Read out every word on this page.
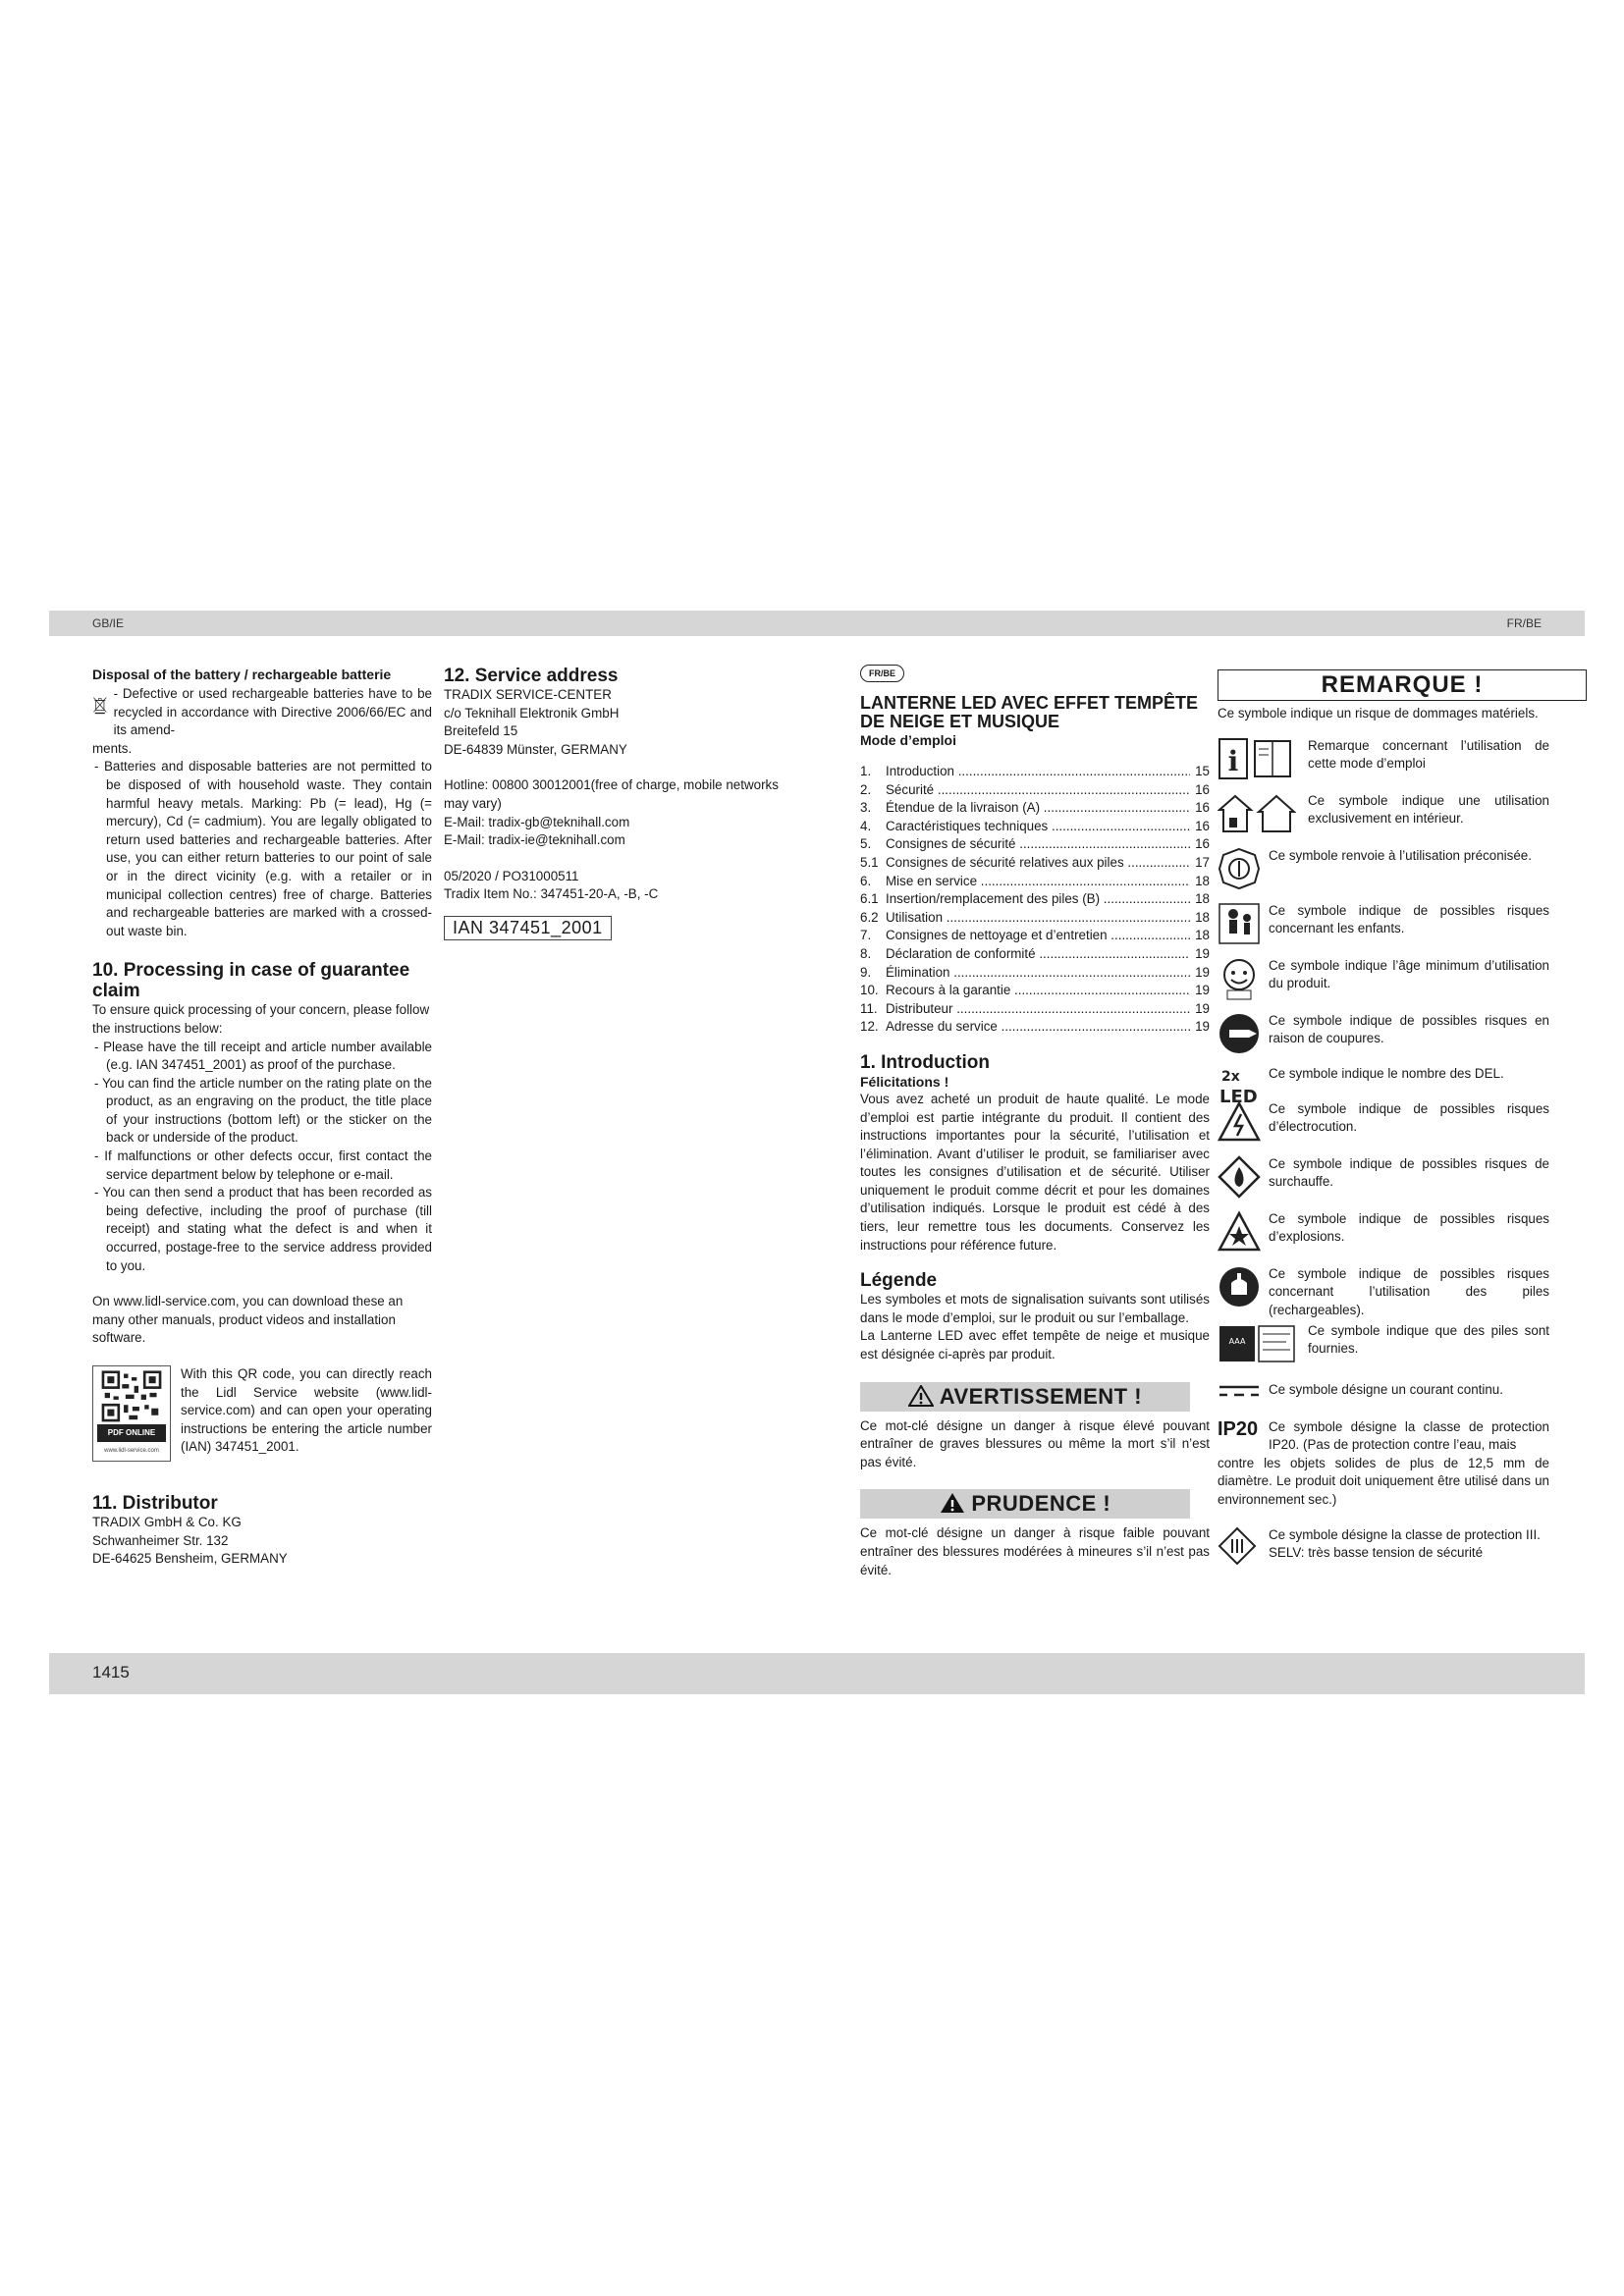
GB/IE	FR/BE
1415

Disposal of the battery / rechargeable batterie

- Defective or used rechargeable batteries have to be recycled in accordance with Directive 2006/66/EC and its amend-

ments.

- Batteries and disposable batteries are not permitted to be disposed of with household waste. They contain harmful heavy metals. Marking: Pb (= lead), Hg (= mercury), Cd (= cadmium). You are legally obligated to return used batteries and rechargeable batteries. After use, you can either return batteries to our point of sale or in the direct vicinity (e.g. with a retailer or in municipal collection centres) free of charge. Batteries and rechargeable batteries are marked with a crossed-out waste bin.

10. Processing in case of guarantee claim

To ensure quick processing of your concern, please follow the instructions below:

- Please have the till receipt and article number available (e.g. IAN 347451_2001) as proof of the purchase.

- You can find the article number on the rating plate on the product, as an engraving on the product, the title place of your instructions (bottom left) or the sticker on the back or underside of the product.

- If malfunctions or other defects occur, first contact the service department below by telephone or e-mail.

- You can then send a product that has been recorded as being defective, including the proof of purchase (till receipt) and stating what the defect is and when it occurred, postage-free to the service address provided to you.

On www.lidl-service.com, you can download these an many other manuals, product videos and installation software.

PDF ONLINE
www.lidl-service.com

With this QR code, you can directly reach the Lidl Service website (www.lidl-service.com) and can open your operating instructions be entering the article number (IAN) 347451_2001.

11. Distributor

TRADIX GmbH & Co. KG

Schwanheimer Str. 132

DE-64625 Bensheim, GERMANY

12. Service address

TRADIX SERVICE-CENTER

c/o Teknihall Elektronik GmbH

Breitefeld 15

DE-64839 Münster, GERMANY

Hotline: 00800 30012001(free of charge, mobile networks may vary)

E-Mail: tradix-gb@teknihall.com

E-Mail: tradix-ie@teknihall.com

05/2020 / PO31000511

Tradix Item No.: 347451-20-A, -B, -C

IAN 347451_2001
FR/BE

LANTERNE LED AVEC EFFET TEMPÊTE DE NEIGE ET MUSIQUE

Mode d’emploi

1.	Introduction .....	15
2.	Sécurité .....	16
3.	Étendue de la livraison (A) .....	16
4.	Caractéristiques techniques .....	16
5.	Consignes de sécurité .....	16
5.1 Consignes de sécurité relatives aux piles .....	17
6.	Mise en service .....	18
6.1 Insertion/remplacement des piles (B) .....	18
6.2 Utilisation .....	18
7.	Consignes de nettoyage et d’entretien .....	18
8.	Déclaration de conformité .....	19
9.	Élimination .....	19
10. Recours à la garantie .....	19
11. Distributeur .....	19
12. Adresse du service .....	19

1. Introduction

Félicitations !

Vous avez acheté un produit de haute qualité. Le mode d’emploi est partie intégrante du produit. Il contient des instructions importantes pour la sécurité, l’utilisation et l’élimination. Avant d’utiliser le produit, se familiariser avec toutes les consignes d’utilisation et de sécurité. Utiliser uniquement le produit comme décrit et pour les domaines d’utilisation indiqués. Lorsque le produit est cédé à des tiers, leur remettre tous les documents. Conservez les instructions pour référence future.

Légende

Les symboles et mots de signalisation suivants sont utilisés dans le mode d’emploi, sur le produit ou sur l’emballage.

La Lanterne LED avec effet tempête de neige et musique est désignée ci-après par produit.

AVERTISSEMENT !

Ce mot-clé désigne un danger à risque élevé pouvant entraîner de graves blessures ou même la mort s’il n’est pas évité.

PRUDENCE !

Ce mot-clé désigne un danger à risque faible pouvant entraîner des blessures modérées à mineures s’il n’est pas évité.

REMARQUE !

Ce symbole indique un risque de dommages matériels.

i	Remarque concernant l’utilisation de cette mode d’emploi
Ce symbole indique une utilisation exclusivement en intérieur.
Ce symbole renvoie à l’utilisation préconisée.
Ce symbole indique de possibles risques concernant les enfants.
Ce symbole indique l’âge minimum d’utilisation du produit.
Ce symbole indique de possibles risques en raison de coupures.
2x
LED
Ce symbole indique le nombre des DEL.
Ce symbole indique de possibles risques d’électrocution.
Ce symbole indique de possibles risques de surchauffe.
Ce symbole indique de possibles risques d’explosions.
Ce symbole indique de possibles risques concernant l’utilisation des piles (rechargeables).
AAA
Ce symbole indique que des piles sont fournies.
Ce symbole désigne un courant continu.
IP20 Ce symbole désigne la classe de protection IP20. (Pas de protection contre l’eau, mais
contre les objets solides de plus de 12,5 mm de diamètre. Le produit doit uniquement être utilisé dans un environnement sec.)
Ce symbole désigne la classe de protection III.
SELV: très basse tension de sécurité
